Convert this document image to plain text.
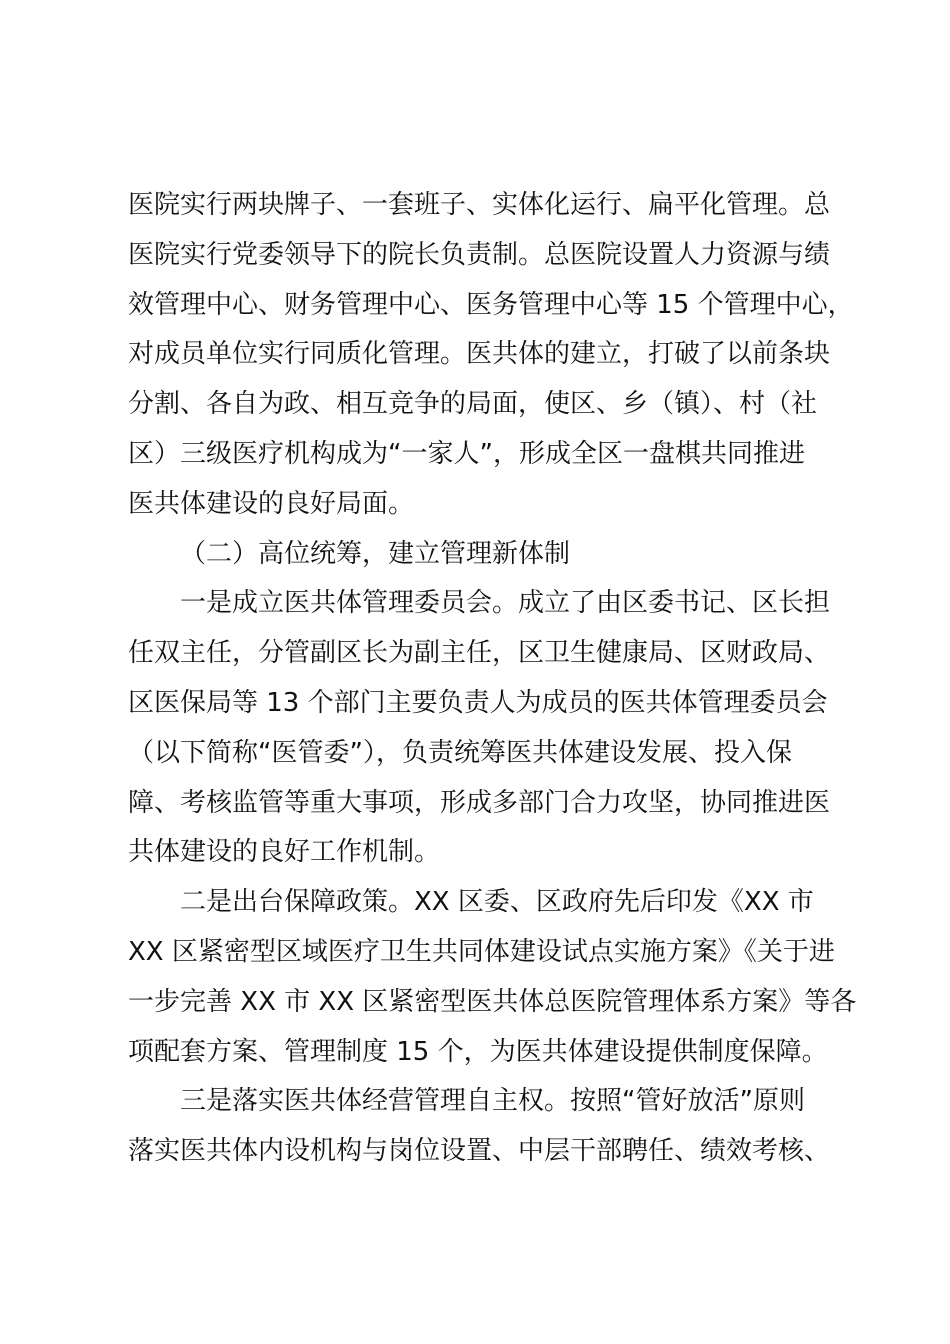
医院实行两块牌子、一套班子、实体化运行、扁平化管理。总
医院实行党委领导下的院长负责制。总医院设置人力资源与绩
效管理中心、财务管理中心、医务管理中心等 15 个管理中心，
对成员单位实行同质化管理。医共体的建立，打破了以前条块
分割、各自为政、相互竞争的局面，使区、乡（镇）、村（社
区）三级医疗机构成为“一家人”，形成全区一盘棋共同推进
医共体建设的良好局面。
（二）高位统筹，建立管理新体制
一是成立医共体管理委员会。成立了由区委书记、区长担
任双主任，分管副区长为副主任，区卫生健康局、区财政局、
区医保局等 13 个部门主要负责人为成员的医共体管理委员会
（以下简称“医管委”），负责统筹医共体建设发展、投入保
障、考核监管等重大事项，形成多部门合力攻坚，协同推进医
共体建设的良好工作机制。
二是出台保障政策。XX 区委、区政府先后印发《XX 市
XX 区紧密型区域医疗卫生共同体建设试点实施方案》《关于进
一步完善 XX 市 XX 区紧密型医共体总医院管理体系方案》等各
项配套方案、管理制度 15 个，为医共体建设提供制度保障。
三是落实医共体经营管理自主权。按照“管好放活”原则
落实医共体内设机构与岗位设置、中层干部聘任、绩效考核、
